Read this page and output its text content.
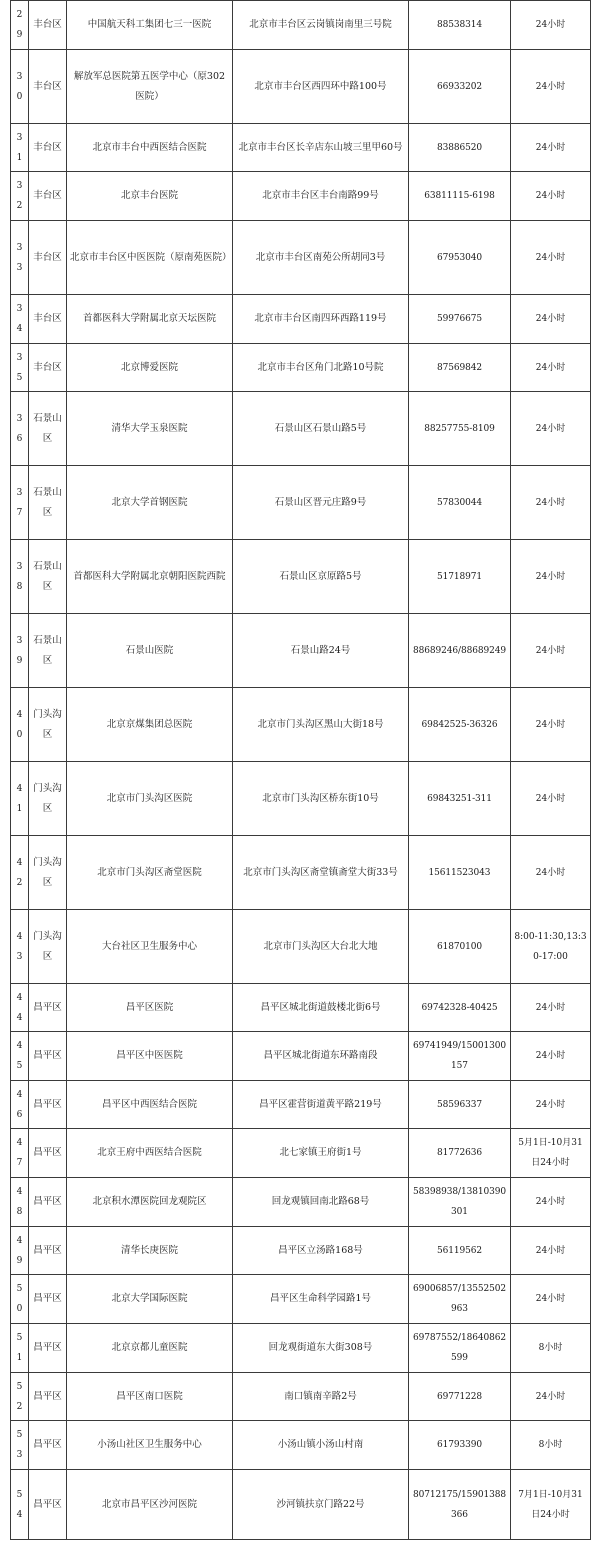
29	丰台区	中国航天科工集团七三一医院	北京市丰台区云岗镇岗南里三号院	88538314	24小时
30	丰台区	解放军总医院第五医学中心（原302医院）	北京市丰台区西四环中路100号	66933202	24小时
31	丰台区	北京市丰台中西医结合医院	北京市丰台区长辛店东山坡三里甲60号	83886520	24小时
32	丰台区	北京丰台医院	北京市丰台区丰台南路99号	63811115-6198	24小时
33	丰台区	北京市丰台区中医医院（原南苑医院）	北京市丰台区南苑公所胡同3号	67953040	24小时
34	丰台区	首都医科大学附属北京天坛医院	北京市丰台区南四环西路119号	59976675	24小时
35	丰台区	北京博爱医院	北京市丰台区角门北路10号院	87569842	24小时
36	石景山区	清华大学玉泉医院	石景山区石景山路5号	88257755-8109	24小时
37	石景山区	北京大学首钢医院	石景山区晋元庄路9号	57830044	24小时
38	石景山区	首都医科大学附属北京朝阳医院西院	石景山区京原路5号	51718971	24小时
39	石景山区	石景山医院	石景山路24号	88689246/88689249	24小时
40	门头沟区	北京京煤集团总医院	北京市门头沟区黑山大街18号	69842525-36326	24小时
41	门头沟区	北京市门头沟区医院	北京市门头沟区桥东街10号	69843251-311	24小时
42	门头沟区	北京市门头沟区斋堂医院	北京市门头沟区斋堂镇斋堂大街33号	15611523043	24小时
43	门头沟区	大台社区卫生服务中心	北京市门头沟区大台北大地	61870100	8:00-11:30,13:30-17:00
44	昌平区	昌平区医院	昌平区城北街道鼓楼北街6号	69742328-40425	24小时
45	昌平区	昌平区中医医院	昌平区城北街道东环路南段	69741949/15001300157	24小时
46	昌平区	昌平区中西医结合医院	昌平区霍营街道黄平路219号	58596337	24小时
47	昌平区	北京王府中西医结合医院	北七家镇王府街1号	81772636	5月1日-10月31日24小时
48	昌平区	北京积水潭医院回龙观院区	回龙观镇回南北路68号	58398938/13810390301	24小时
49	昌平区	清华长庚医院	昌平区立汤路168号	56119562	24小时
50	昌平区	北京大学国际医院	昌平区生命科学园路1号	69006857/13552502963	24小时
51	昌平区	北京京都儿童医院	回龙观街道东大街308号	69787552/18640862599	8小时
52	昌平区	昌平区南口医院	南口镇南辛路2号	69771228	24小时
53	昌平区	小汤山社区卫生服务中心	小汤山镇小汤山村南	61793390	8小时
54	昌平区	北京市昌平区沙河医院	沙河镇扶京门路22号	80712175/15901388366	7月1日-10月31日24小时
